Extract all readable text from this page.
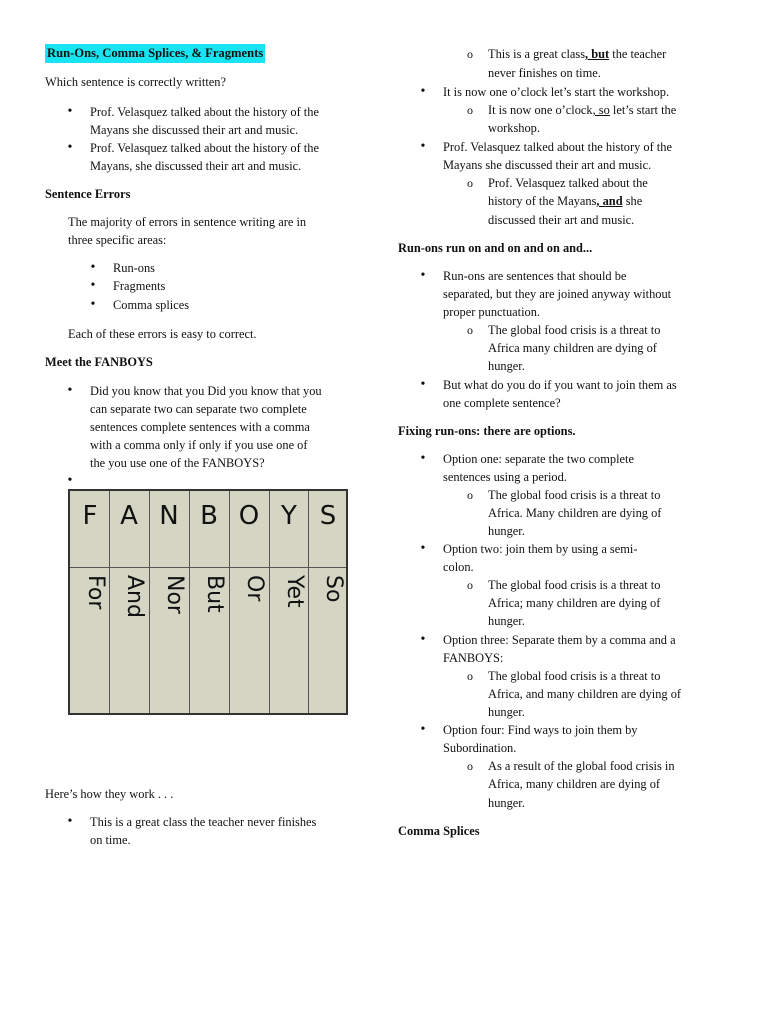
Run-Ons, Comma Splices, & Fragments
Which sentence is correctly written?
• Prof. Velasquez talked about the history of the
Mayans she discussed their art and music.
• Prof. Velasquez talked about the history of the
Mayans, she discussed their art and music.
Sentence Errors
The majority of errors in sentence writing are in
three specific areas:
• Run-ons
• Fragments
• Comma splices
Each of these errors is easy to correct.
Meet the FANBOYS
• Did you know that you Did you know that you
can separate two can separate two complete
sentences complete sentences with a comma
with a comma only if only if you use one of
the you use one of the FANBOYS?
•
F A N B O Y S
For And Nor But Or Yet So
Here’s how they work . . .
• This is a great class the teacher never finishes
on time.
o This is a great class, but the teacher
never finishes on time.
• It is now one o’clock let’s start the workshop.
o It is now one o’clock, so let’s start the
workshop.
• Prof. Velasquez talked about the history of the
Mayans she discussed their art and music.
o Prof. Velasquez talked about the
history of the Mayans, and she
discussed their art and music.
Run-ons run on and on and on and...
• Run-ons are sentences that should be
separated, but they are joined anyway without
proper punctuation.
o The global food crisis is a threat to
Africa many children are dying of
hunger.
• But what do you do if you want to join them as
one complete sentence?
Fixing run-ons: there are options.
• Option one: separate the two complete
sentences using a period.
o The global food crisis is a threat to
Africa. Many children are dying of
hunger.
• Option two: join them by using a semi-
colon.
o The global food crisis is a threat to
Africa; many children are dying of
hunger.
• Option three: Separate them by a comma and a
FANBOYS:
o The global food crisis is a threat to
Africa, and many children are dying of
hunger.
• Option four: Find ways to join them by
Subordination.
o As a result of the global food crisis in
Africa, many children are dying of
hunger.
Comma Splices
